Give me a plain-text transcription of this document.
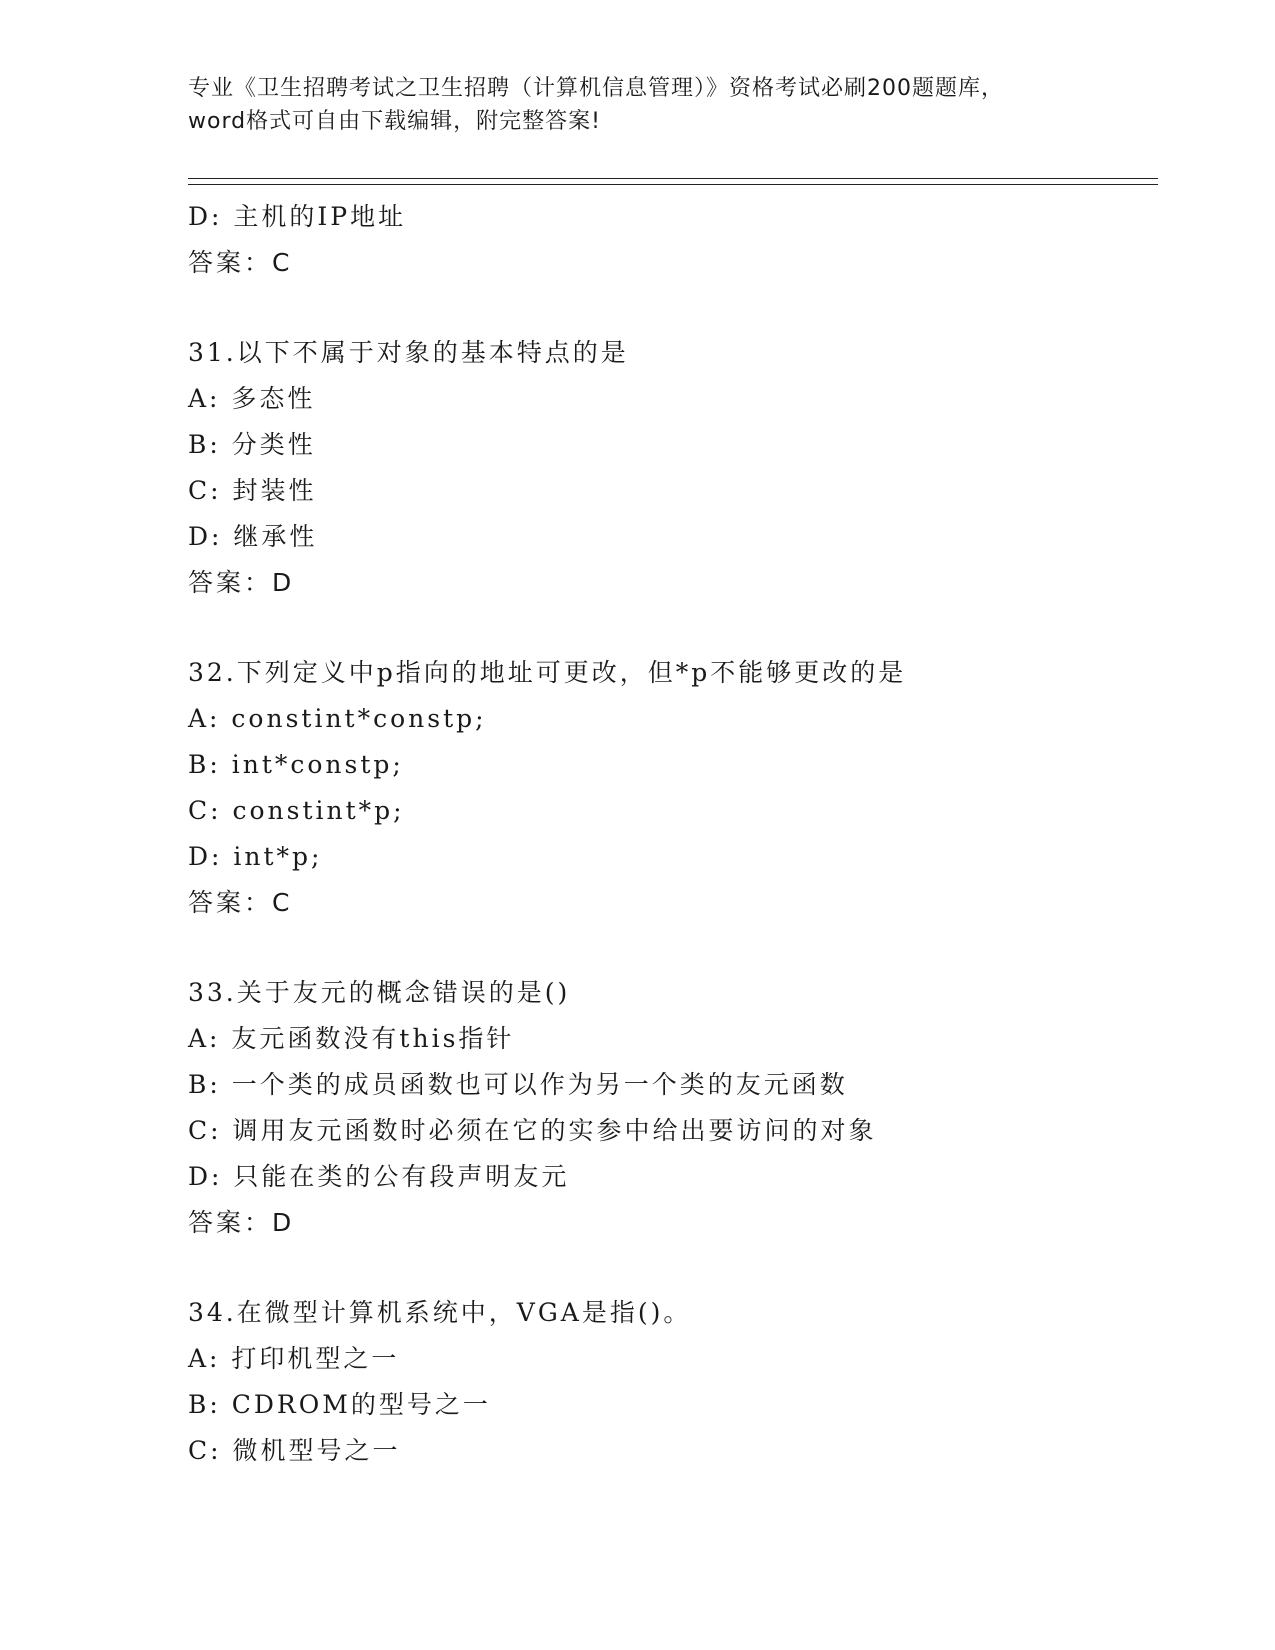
专业《卫生招聘考试之卫生招聘（计算机信息管理）》资格考试必刷200题题库，
word格式可自由下载编辑，附完整答案!
D: 主机的IP地址
答案：C
31.以下不属于对象的基本特点的是
A: 多态性
B: 分类性
C: 封装性
D: 继承性
答案：D
32.下列定义中p指向的地址可更改，但*p不能够更改的是
A: constint*constp;
B: int*constp;
C: constint*p;
D: int*p;
答案：C
33.关于友元的概念错误的是()
A: 友元函数没有this指针
B: 一个类的成员函数也可以作为另一个类的友元函数
C: 调用友元函数时必须在它的实参中给出要访问的对象
D: 只能在类的公有段声明友元
答案：D
34.在微型计算机系统中，VGA是指()。
A: 打印机型之一
B: CDROM的型号之一
C: 微机型号之一
